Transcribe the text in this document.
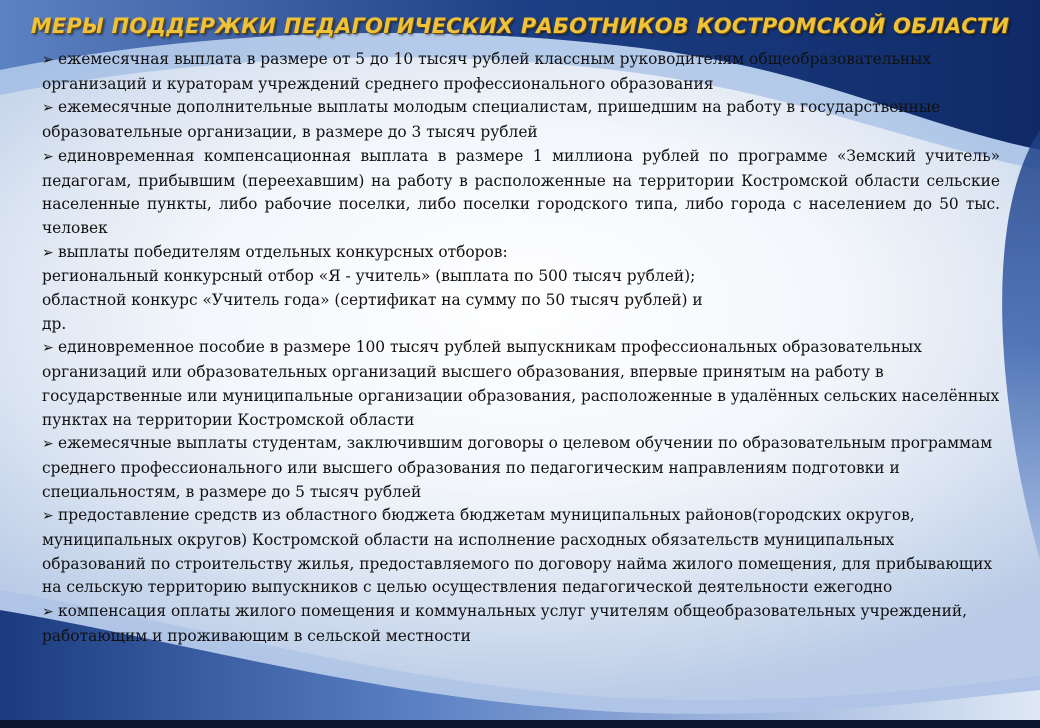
МЕРЫ ПОДДЕРЖКИ ПЕДАГОГИЧЕСКИХ РАБОТНИКОВ КОСТРОМСКОЙ ОБЛАСТИ

➢ ежемесячная выплата в размере от 5 до 10 тысяч рублей классным руководителям общеобразовательных организаций и кураторам учреждений среднего профессионального образования

➢ ежемесячные дополнительные выплаты молодым специалистам, пришедшим на работу в государственные образовательные организации, в размере до 3 тысяч рублей

➢ единовременная компенсационная выплата в размере 1 миллиона рублей по программе «Земский учитель» педагогам, прибывшим (переехавшим) на работу в расположенные на территории Костромской области сельские населенные пункты, либо рабочие поселки, либо поселки городского типа, либо города с населением до 50 тыс. человек

➢ выплаты победителям отдельных конкурсных отборов:
региональный конкурсный отбор «Я - учитель» (выплата по 500 тысяч рублей);
областной конкурс «Учитель года» (сертификат на сумму по 50 тысяч рублей) и
др.

➢ единовременное пособие в размере 100 тысяч рублей выпускникам профессиональных образовательных организаций или образовательных организаций высшего образования, впервые принятым на работу в государственные или муниципальные организации образования, расположенные в удалённых сельских населённых пунктах на территории Костромской области

➢ ежемесячные выплаты студентам, заключившим договоры о целевом обучении по образовательным программам среднего профессионального или высшего образования по педагогическим направлениям подготовки и специальностям, в размере до 5 тысяч рублей

➢ предоставление средств из областного бюджета бюджетам муниципальных районов(городских округов, муниципальных округов) Костромской области на исполнение расходных обязательств муниципальных образований по строительству жилья, предоставляемого по договору найма жилого помещения, для прибывающих на сельскую территорию выпускников с целью осуществления педагогической деятельности ежегодно

➢ компенсация оплаты жилого помещения и коммунальных услуг учителям общеобразовательных учреждений, работающим и проживающим в сельской местности
